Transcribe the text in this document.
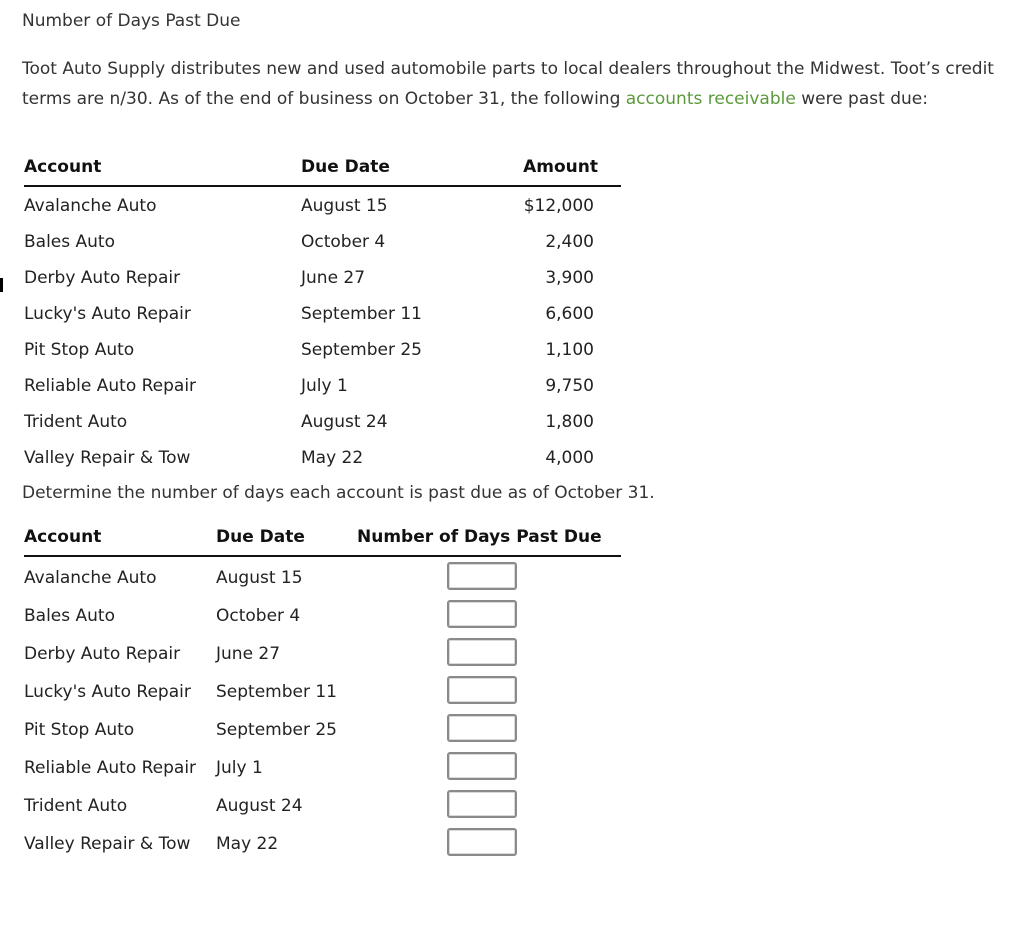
Number of Days Past Due
Toot Auto Supply distributes new and used automobile parts to local dealers throughout the Midwest. Toot’s credit terms are n/30. As of the end of business on October 31, the following accounts receivable were past due:
Account	Due Date	Amount
Avalanche Auto	August 15	$12,000
Bales Auto	October 4	2,400
Derby Auto Repair	June 27	3,900
Lucky's Auto Repair	September 11	6,600
Pit Stop Auto	September 25	1,100
Reliable Auto Repair	July 1	9,750
Trident Auto	August 24	1,800
Valley Repair & Tow	May 22	4,000
Determine the number of days each account is past due as of October 31.
Account	Due Date	Number of Days Past Due
Avalanche Auto	August 15
Bales Auto	October 4
Derby Auto Repair June 27
Lucky's Auto Repair September 11
Pit Stop Auto	September 25
Reliable Auto Repair July 1
Trident Auto	August 24
Valley Repair & Tow May 22
